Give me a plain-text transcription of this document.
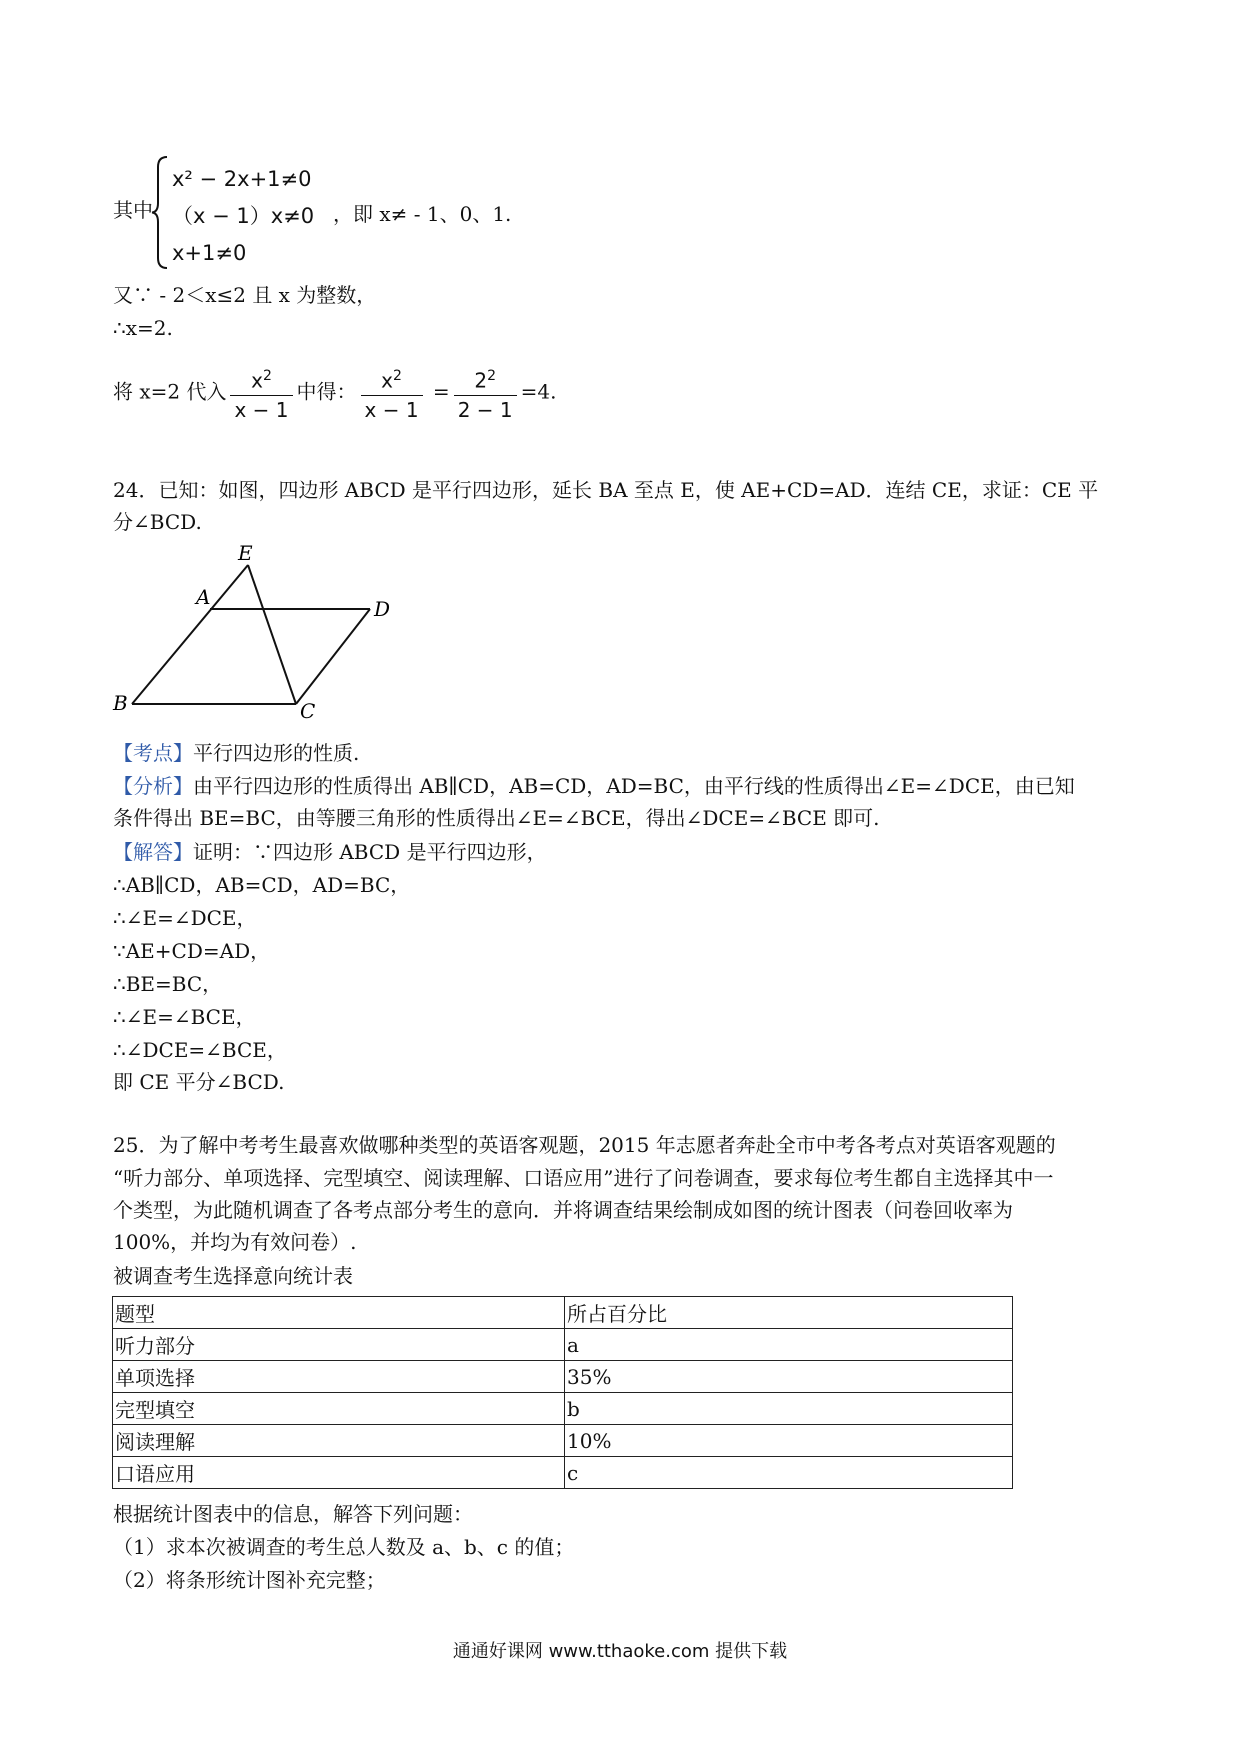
其中
x² − 2x+1≠0
（x − 1）x≠0
x+1≠0
，即 x≠ - 1、0、1.
又∵ - 2＜x≤2 且 x 为整数，
∴x=2.
将 x=2 代入 $\frac{x^2}{x - 1}$ 中得： $\frac{x^2}{x - 1} = \frac{2^2}{2 - 1} =4$.
24．已知：如图，四边形 ABCD 是平行四边形，延长 BA 至点 E，使 AE+CD=AD．连结 CE，求证：CE 平
分∠BCD.
E
A	D
B	C
【考点】平行四边形的性质.
【分析】由平行四边形的性质得出 AB∥CD，AB=CD，AD=BC，由平行线的性质得出∠E=∠DCE，由已知
条件得出 BE=BC，由等腰三角形的性质得出∠E=∠BCE，得出∠DCE=∠BCE 即可.
【解答】证明：∵四边形 ABCD 是平行四边形，
∴AB∥CD，AB=CD，AD=BC，
∴∠E=∠DCE，
∵AE+CD=AD，
∴BE=BC，
∴∠E=∠BCE，
∴∠DCE=∠BCE，
即 CE 平分∠BCD.
25．为了解中考考生最喜欢做哪种类型的英语客观题，2015 年志愿者奔赴全市中考各考点对英语客观题的
“听力部分、单项选择、完型填空、阅读理解、口语应用”进行了问卷调查，要求每位考生都自主选择其中一
个类型，为此随机调查了各考点部分考生的意向．并将调查结果绘制成如图的统计图表（问卷回收率为
100%，并均为有效问卷）.
被调查考生选择意向统计表
题型	所占百分比
听力部分	a
单项选择	35%
完型填空	b
阅读理解	10%
口语应用	c
根据统计图表中的信息，解答下列问题：
（1）求本次被调查的考生总人数及 a、b、c 的值；
（2）将条形统计图补充完整；
通通好课网 www.tthaoke.com 提供下载
